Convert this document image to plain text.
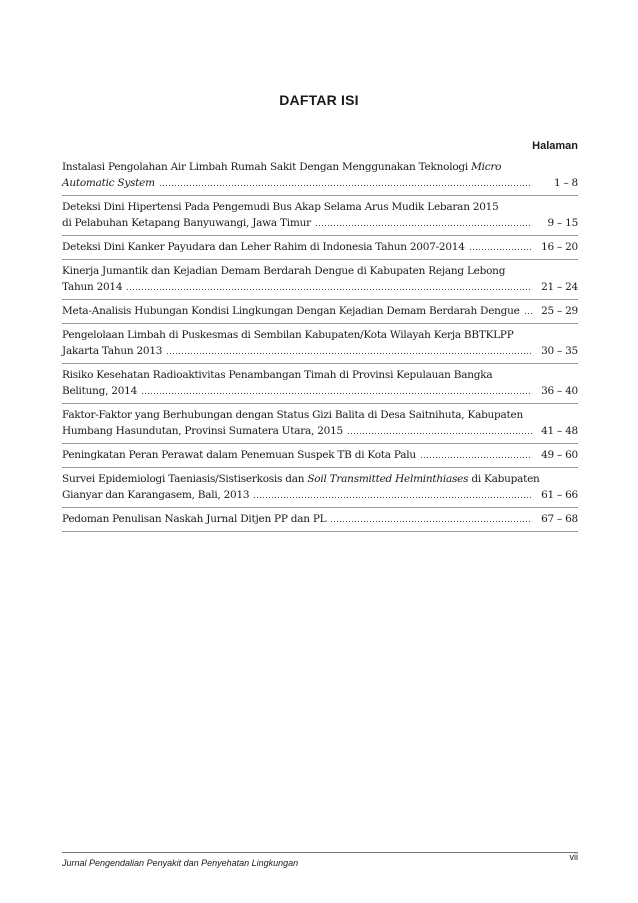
DAFTAR ISI
Halaman
Instalasi Pengolahan Air Limbah Rumah Sakit Dengan Menggunakan Teknologi Micro
Automatic System	1 – 8
Deteksi Dini Hipertensi Pada Pengemudi Bus Akap Selama Arus Mudik Lebaran 2015
di Pelabuhan Ketapang Banyuwangi, Jawa Timur	9 – 15
Deteksi Dini Kanker Payudara dan Leher Rahim di Indonesia Tahun 2007-2014	16 – 20
Kinerja Jumantik dan Kejadian Demam Berdarah Dengue di Kabupaten Rejang Lebong
Tahun 2014	21 – 24
Meta-Analisis Hubungan Kondisi Lingkungan Dengan Kejadian Demam Berdarah Dengue 25 – 29
Pengelolaan Limbah di Puskesmas di Sembilan Kabupaten/Kota Wilayah Kerja BBTKLPP
Jakarta Tahun 2013	30 – 35
Risiko Kesehatan Radioaktivitas Penambangan Timah di Provinsi Kepulauan Bangka
Belitung, 2014	36 – 40
Faktor-Faktor yang Berhubungan dengan Status Gizi Balita di Desa Saitnihuta, Kabupaten
Humbang Hasundutan, Provinsi Sumatera Utara, 2015	41 – 48
Peningkatan Peran Perawat dalam Penemuan Suspek TB di Kota Palu	49 – 60
Survei Epidemiologi Taeniasis/Sistiserkosis dan Soil Transmitted Helminthiases di Kabupaten
Gianyar dan Karangasem, Bali, 2013	61 – 66
Pedoman Penulisan Naskah Jurnal Ditjen PP dan PL	67 – 68
Jurnal Pengendalian Penyakit dan Penyehatan Lingkungan
vii
